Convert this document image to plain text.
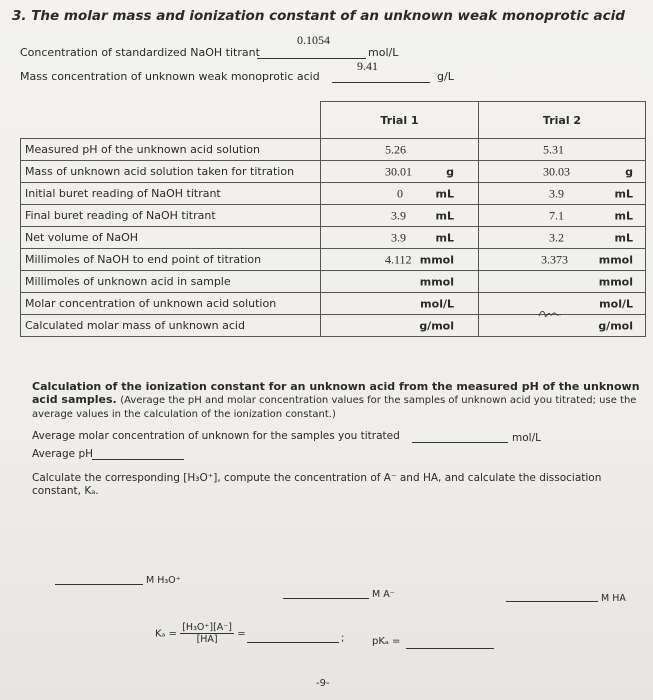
3. The molar mass and ionization constant of an unknown weak monoprotic acid
Concentration of standardized NaOH titrant
0.1054
mol/L
Mass concentration of unknown weak monoprotic acid
9.41
g/L
	Trial 1	Trial 2
Measured pH of the unknown acid solution	5.26	5.31

Mass of unknown acid solution taken for titration	30.01 g	30.03 g

Initial buret reading of NaOH titrant	0 mL	3.9 mL

Final buret reading of NaOH titrant	3.9 mL	7.1 mL

Net volume of NaOH	3.9 mL	3.2 mL

Millimoles of NaOH to end point of titration	4.112 mmol	3.373 mmol

Millimoles of unknown acid in sample	mmol	mmol

Molar concentration of unknown acid solution	mol/L	mol/L

Calculated molar mass of unknown acid	g/mol	g/mol
Calculation of the ionization constant for an unknown acid from the measured pH of the unknown acid samples. (Average the pH and molar concentration values for the samples of unknown acid you titrated; use the average values in the calculation of the ionization constant.)
Average molar concentration of unknown for the samples you titrated	mol/L
Average pH
Calculate the corresponding [H₃O⁺], compute the concentration of A⁻ and HA, and calculate the dissociation constant, Kₐ.
M H₃O⁺
M A⁻	M HA
$K_a = \frac{\text{[H₃O⁺][A⁻]}}{[HA]}$ =	;	pKₐ =
-9-
